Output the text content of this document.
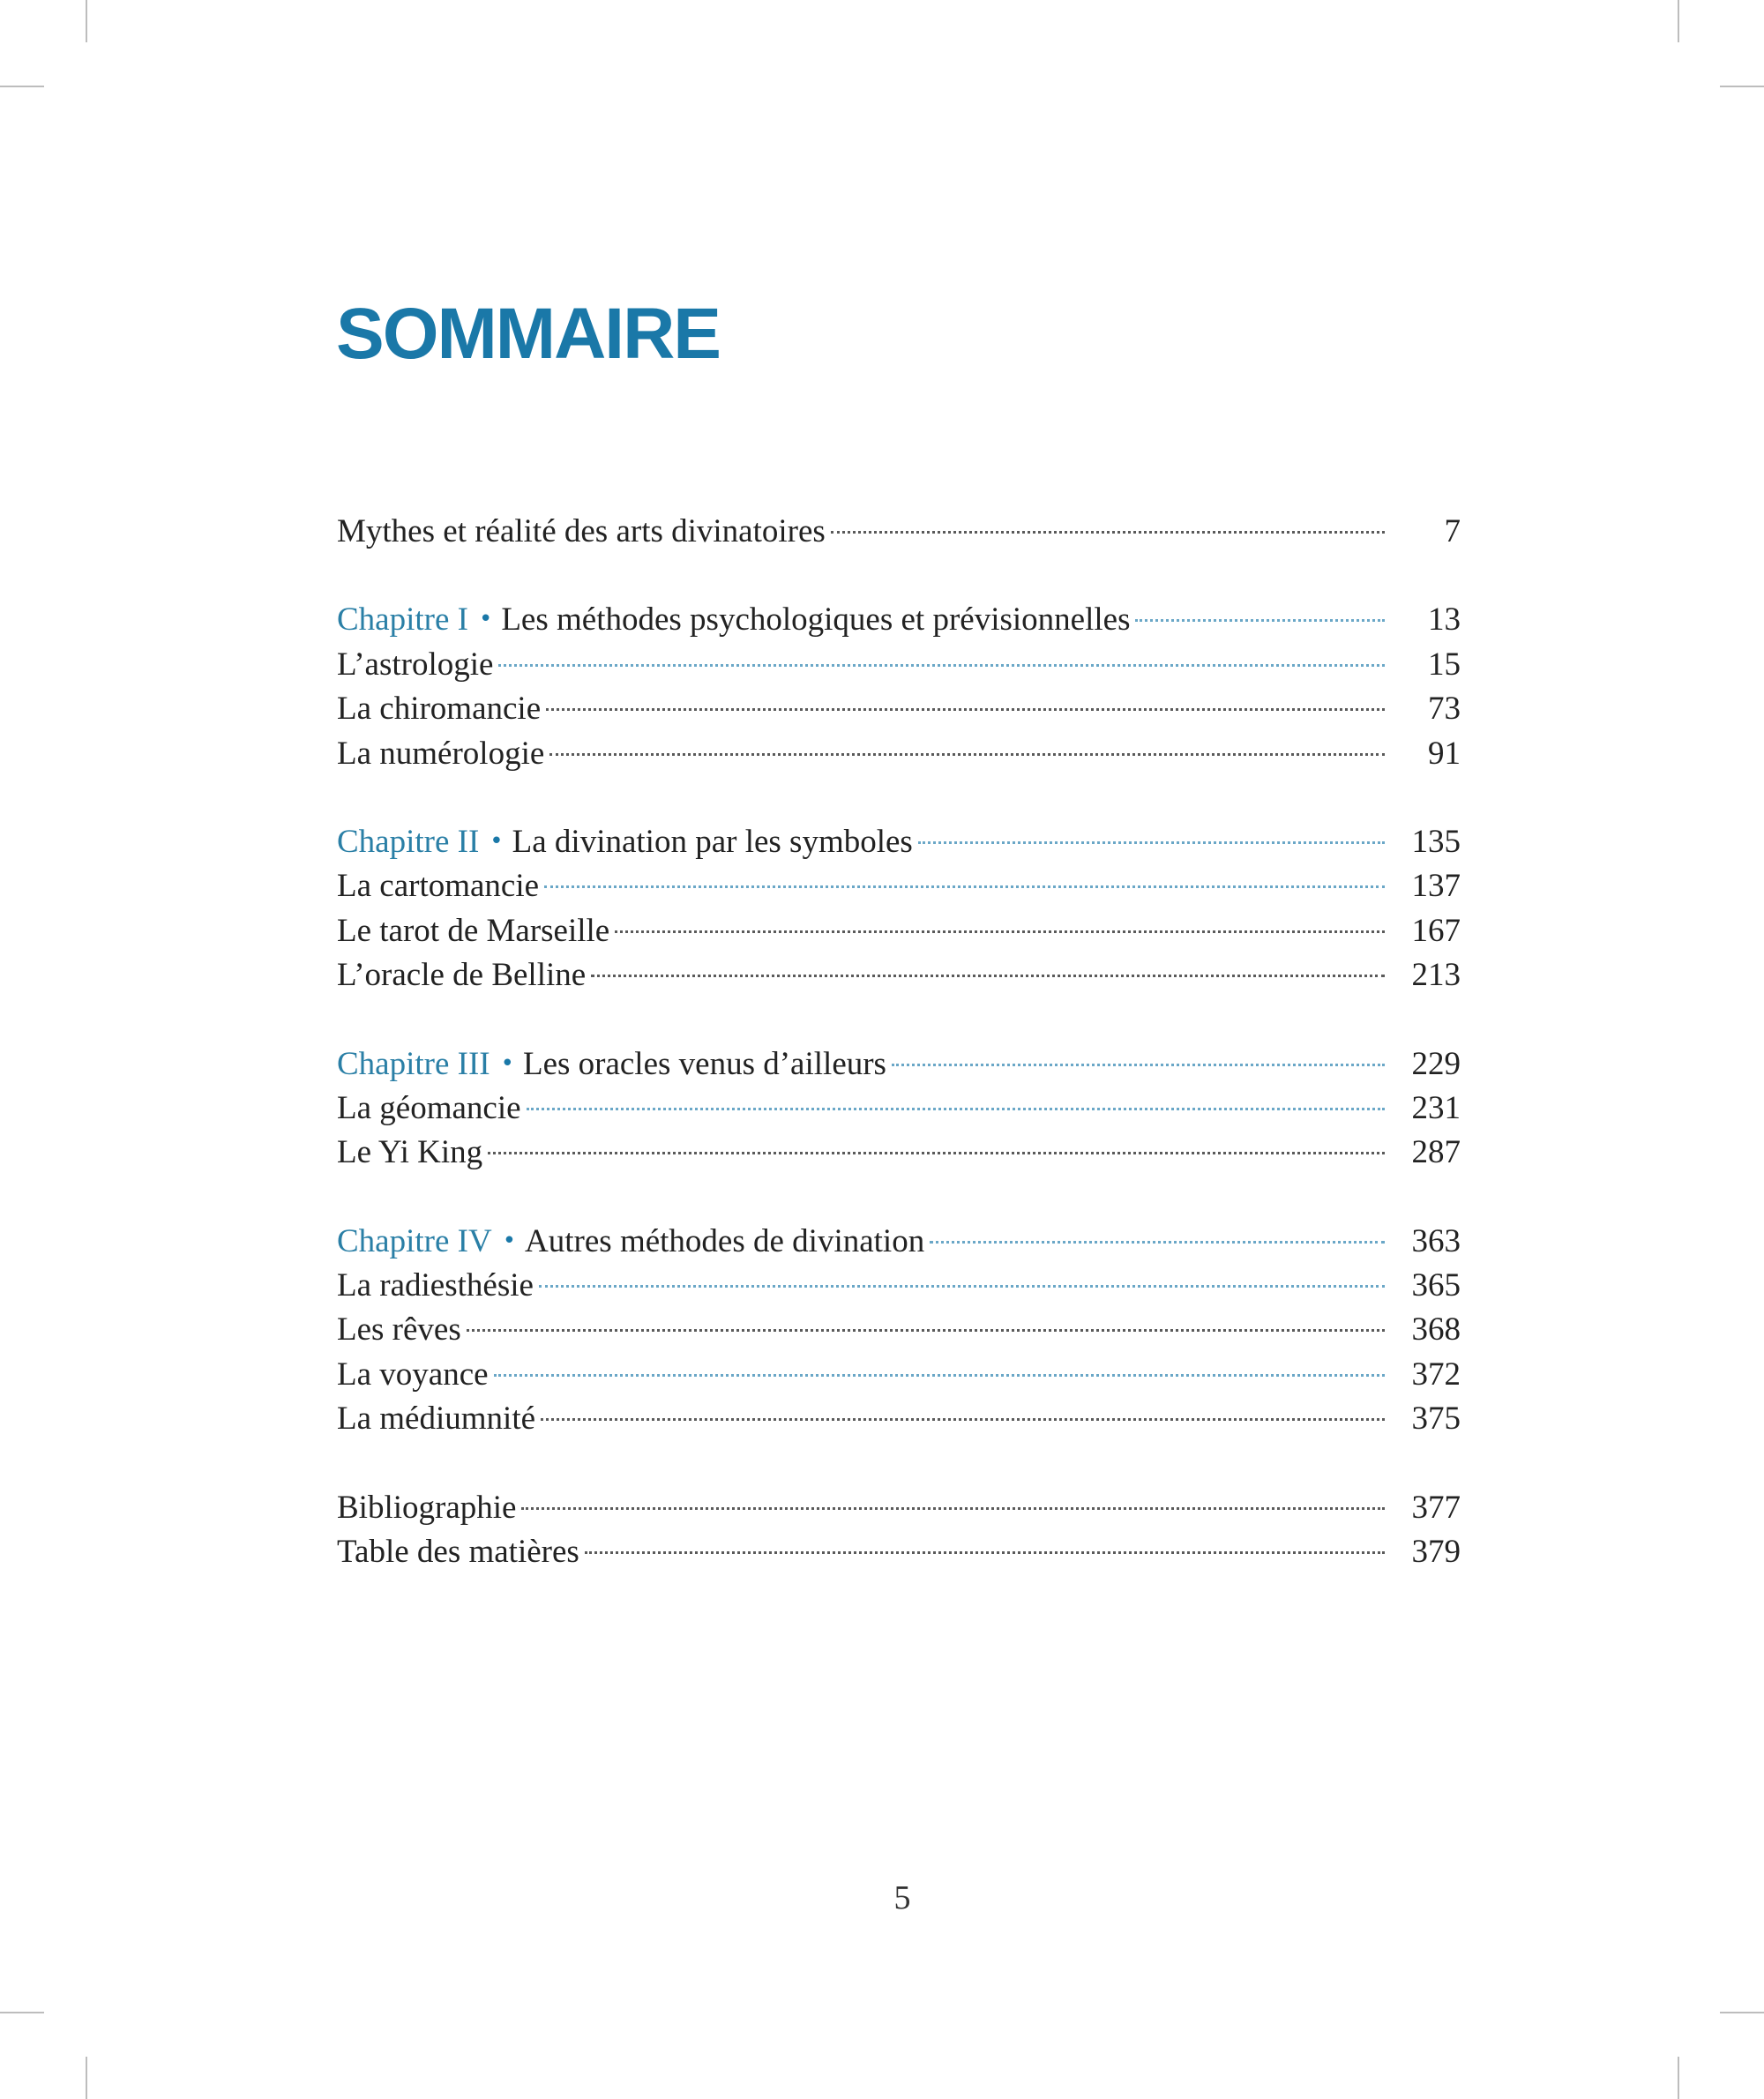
SOMMAIRE
Mythes et réalité des arts divinatoires	7
Chapitre I • Les méthodes psychologiques et prévisionnelles	13
L’astrologie	15
La chiromancie	73
La numérologie	91
Chapitre II • La divination par les symboles	135
La cartomancie	137
Le tarot de Marseille	167
L’oracle de Belline	213
Chapitre III • Les oracles venus d’ailleurs	229
La géomancie	231
Le Yi King	287
Chapitre IV • Autres méthodes de divination	363
La radiesthésie	365
Les rêves	368
La voyance	372
La médiumnité	375
Bibliographie	377
Table des matières	379
5
